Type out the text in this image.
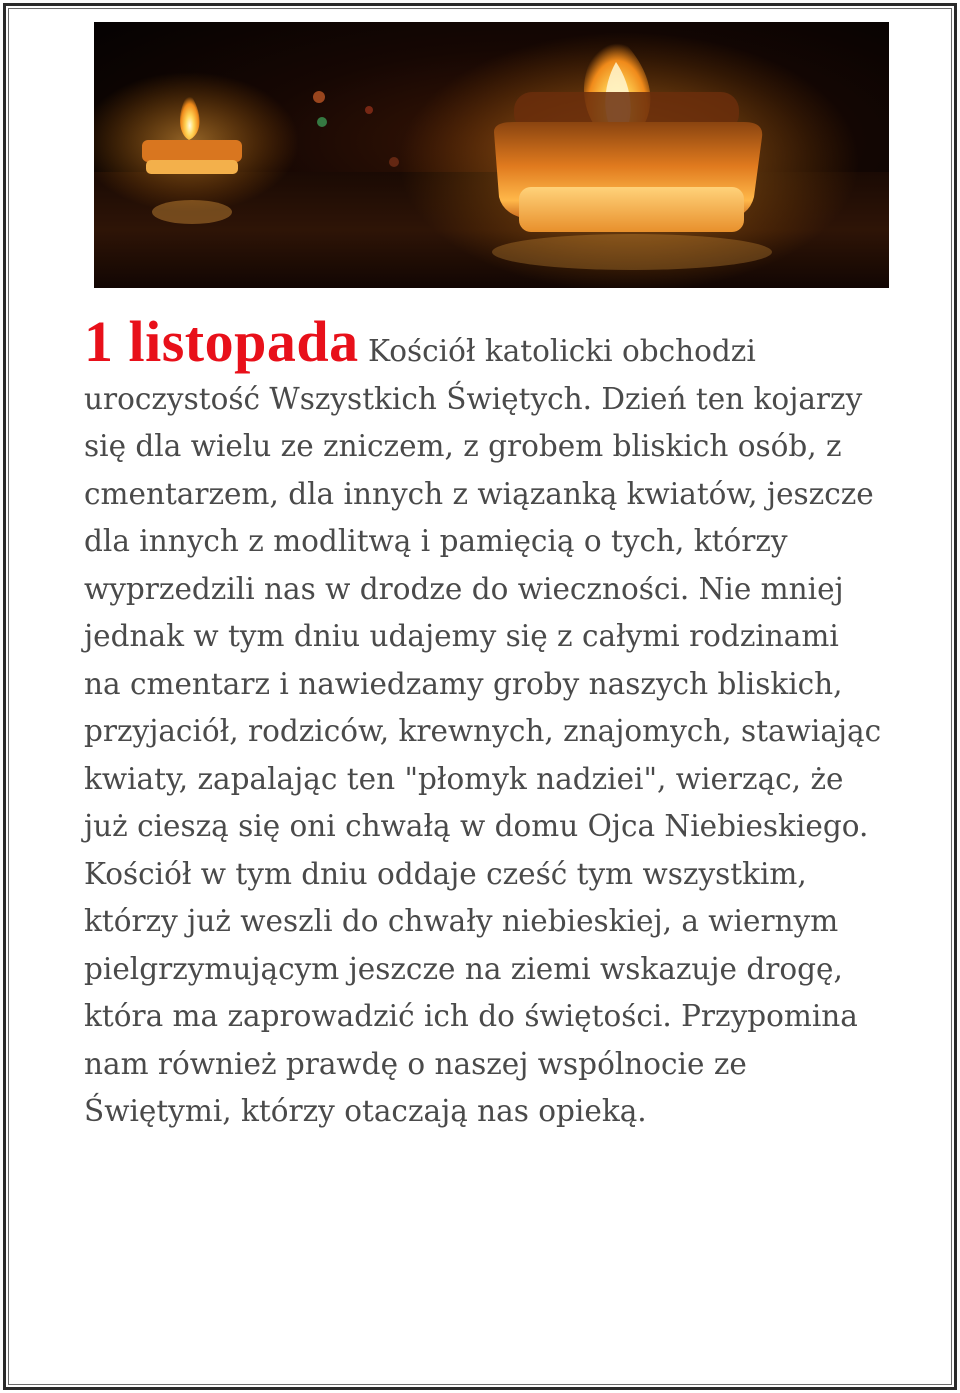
1 listopada Kościół katolicki obchodzi uroczystość Wszystkich Świętych. Dzień ten kojarzy się dla wielu ze zniczem, z grobem bliskich osób, z cmentarzem, dla innych z wiązanką kwiatów, jeszcze dla innych z modlitwą i pamięcią o tych, którzy wyprzedzili nas w drodze do wieczności. Nie mniej jednak w tym dniu udajemy się z całymi rodzinami na cmentarz i nawiedzamy groby naszych bliskich, przyjaciół, rodziców, krewnych, znajomych, stawiając kwiaty, zapalając ten "płomyk nadziei", wierząc, że już cieszą się oni chwałą w domu Ojca Niebieskiego. Kościół w tym dniu oddaje cześć tym wszystkim, którzy już weszli do chwały niebieskiej, a wiernym pielgrzymującym jeszcze na ziemi wskazuje drogę, która ma zaprowadzić ich do świętości. Przypomina nam również prawdę o naszej wspólnocie ze Świętymi, którzy otaczają nas opieką.
